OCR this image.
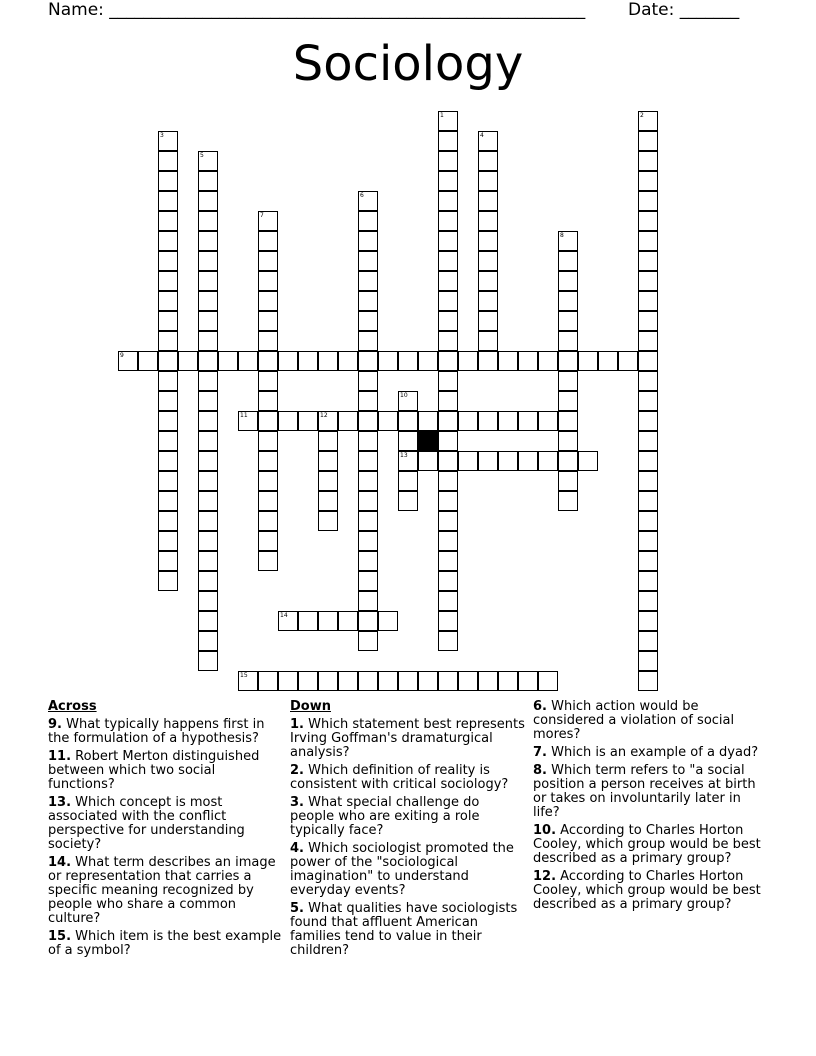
Name: ________________________________________________________	Date: _______
Sociology
1	2
3	4
5
6
7
8
9
10
13
11	12
14
15
Across
9. What typically happens first in the formulation of a hypothesis?
11. Robert Merton distinguished between which two social functions?
13. Which concept is most associated with the conflict perspective for understanding society?
14. What term describes an image or representation that carries a specific meaning recognized by people who share a common culture?
15. Which item is the best example of a symbol?
Down
1. Which statement best represents Irving Goffman's dramaturgical analysis?
2. Which definition of reality is consistent with critical sociology?
3. What special challenge do people who are exiting a role typically face?
4. Which sociologist promoted the power of the "sociological imagination" to understand everyday events?
5. What qualities have sociologists found that affluent American families tend to value in their children?
6. Which action would be considered a violation of social mores?
7. Which is an example of a dyad?
8. Which term refers to "a social position a person receives at birth or takes on involuntarily later in life?
10. According to Charles Horton Cooley, which group would be best described as a primary group?
12. According to Charles Horton Cooley, which group would be best described as a primary group?
